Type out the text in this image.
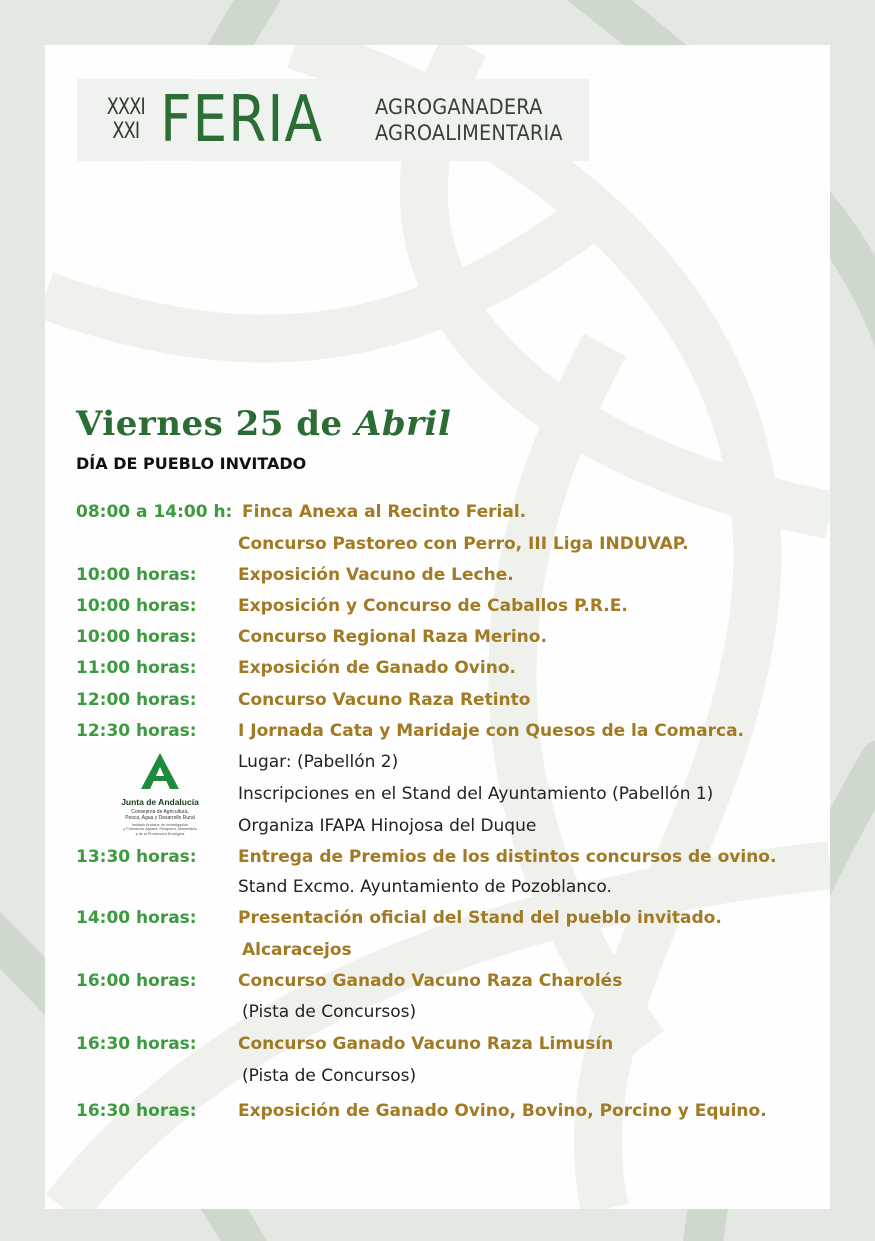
XXXI
XXI FERIA	AGROGANADERA
AGROALIMENTARIA
Viernes 25 de Abril
DÍA DE PUEBLO INVITADO
08:00 a 14:00 h: Finca Anexa al Recinto Ferial.
Concurso Pastoreo con Perro, III Liga INDUVAP.
10:00 horas: Exposición Vacuno de Leche.
10:00 horas: Exposición y Concurso de Caballos P.R.E.
10:00 horas: Concurso Regional Raza Merino.
11:00 horas: Exposición de Ganado Ovino.
12:00 horas: Concurso Vacuno Raza Retinto
12:30 horas: I Jornada Cata y Maridaje con Quesos de la Comarca.
Lugar: (Pabellón 2)
Inscripciones en el Stand del Ayuntamiento (Pabellón 1)
Organiza IFAPA Hinojosa del Duque
13:30 horas: Entrega de Premios de los distintos concursos de ovino.
Stand Excmo. Ayuntamiento de Pozoblanco.
14:00 horas: Presentación oficial del Stand del pueblo invitado.
Alcaracejos
16:00 horas: Concurso Ganado Vacuno Raza Charolés
(Pista de Concursos)
16:30 horas: Concurso Ganado Vacuno Raza Limusín
(Pista de Concursos)
16:30 horas: Exposición de Ganado Ovino, Bovino, Porcino y Equino.
Junta de Andalucía
Consejería de Agricultura,
Pesca, Agua y Desarrollo Rural
Instituto Andaluz de Investigación
y Formación Agraria, Pesquera, Alimentaria
y de la Producción Ecológica
